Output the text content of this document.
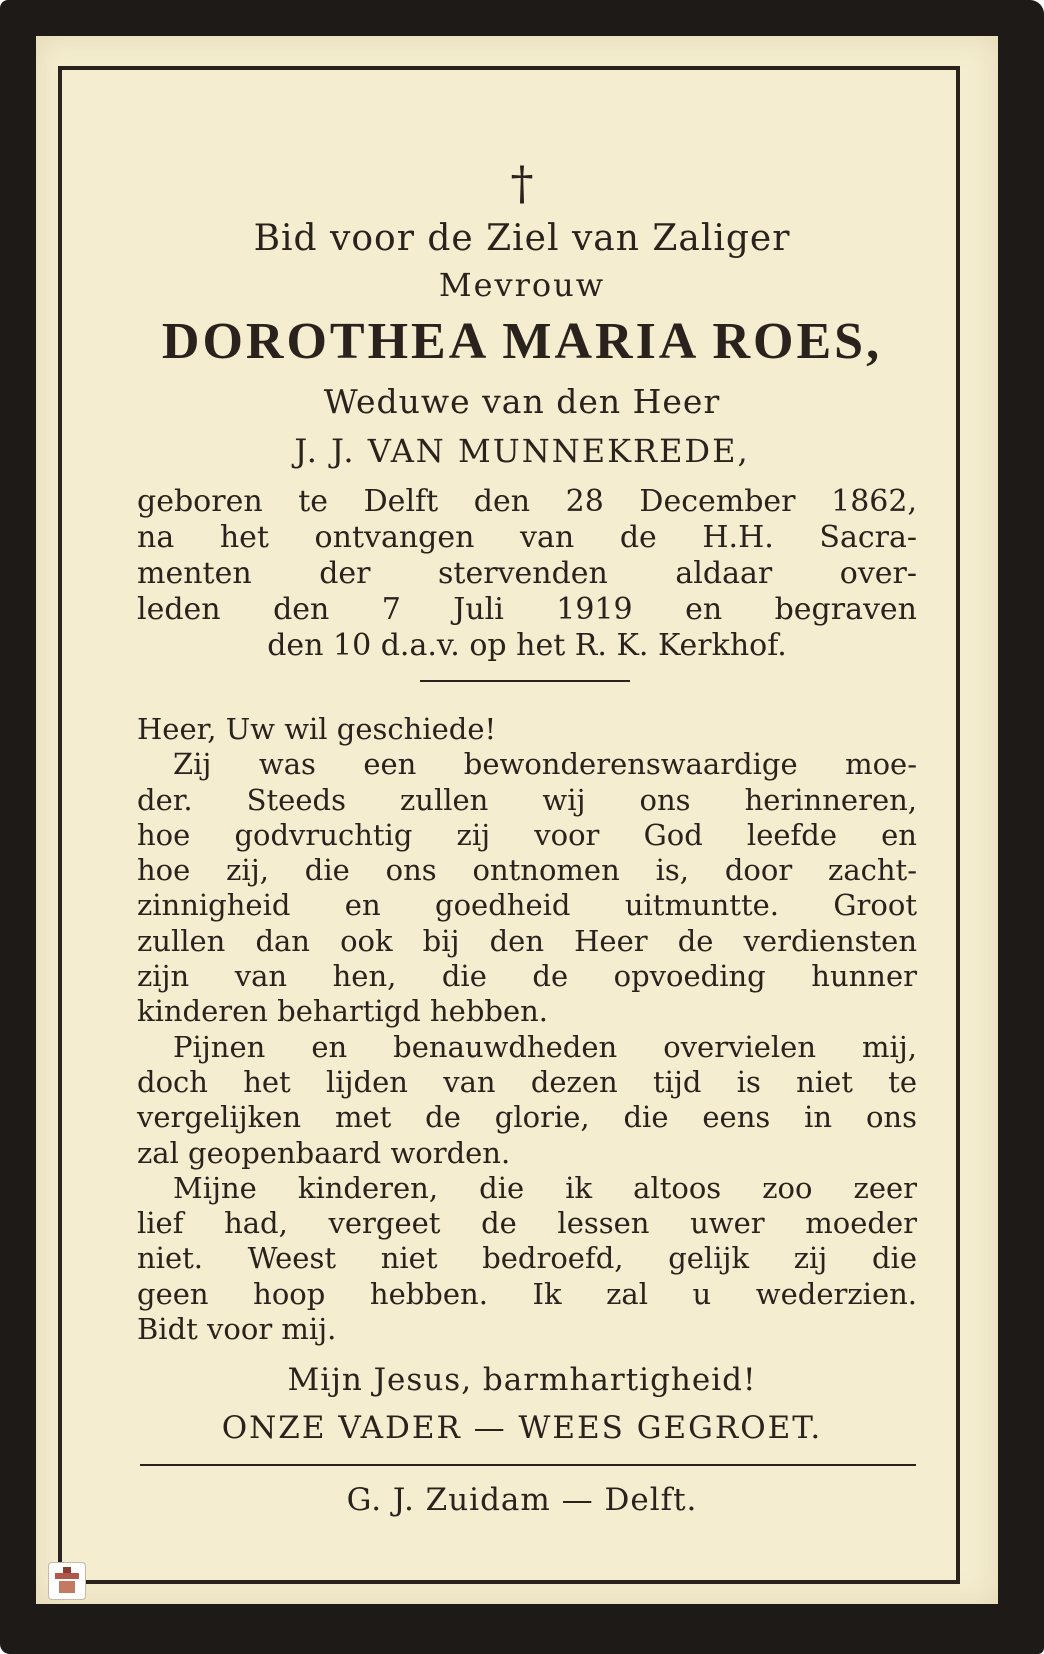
†
Bid voor de Ziel van Zaliger
Mevrouw
DOROTHEA MARIA ROES,
Weduwe van den Heer
J. J. VAN MUNNEKREDE,
geboren te Delft den 28 December 1862,
na het ontvangen van de H.H. Sacra-
menten der stervenden aldaar over-
leden den 7 Juli 1919 en begraven
den 10 d.a.v. op het R. K. Kerkhof.
Heer, Uw wil geschiede!
Zij was een bewonderenswaardige moe-
der. Steeds zullen wij ons herinneren,
hoe godvruchtig zij voor God leefde en
hoe zij, die ons ontnomen is, door zacht-
zinnigheid en goedheid uitmuntte. Groot
zullen dan ook bij den Heer de verdiensten
zijn van hen, die de opvoeding hunner
kinderen behartigd hebben.
Pijnen en benauwdheden overvielen mij,
doch het lijden van dezen tijd is niet te
vergelijken met de glorie, die eens in ons
zal geopenbaard worden.
Mijne kinderen, die ik altoos zoo zeer
lief had, vergeet de lessen uwer moeder
niet. Weest niet bedroefd, gelijk zij die
geen hoop hebben. Ik zal u wederzien.
Bidt voor mij.
Mijn Jesus, barmhartigheid!
ONZE VADER — WEES GEGROET.
G. J. Zuidam — Delft.
